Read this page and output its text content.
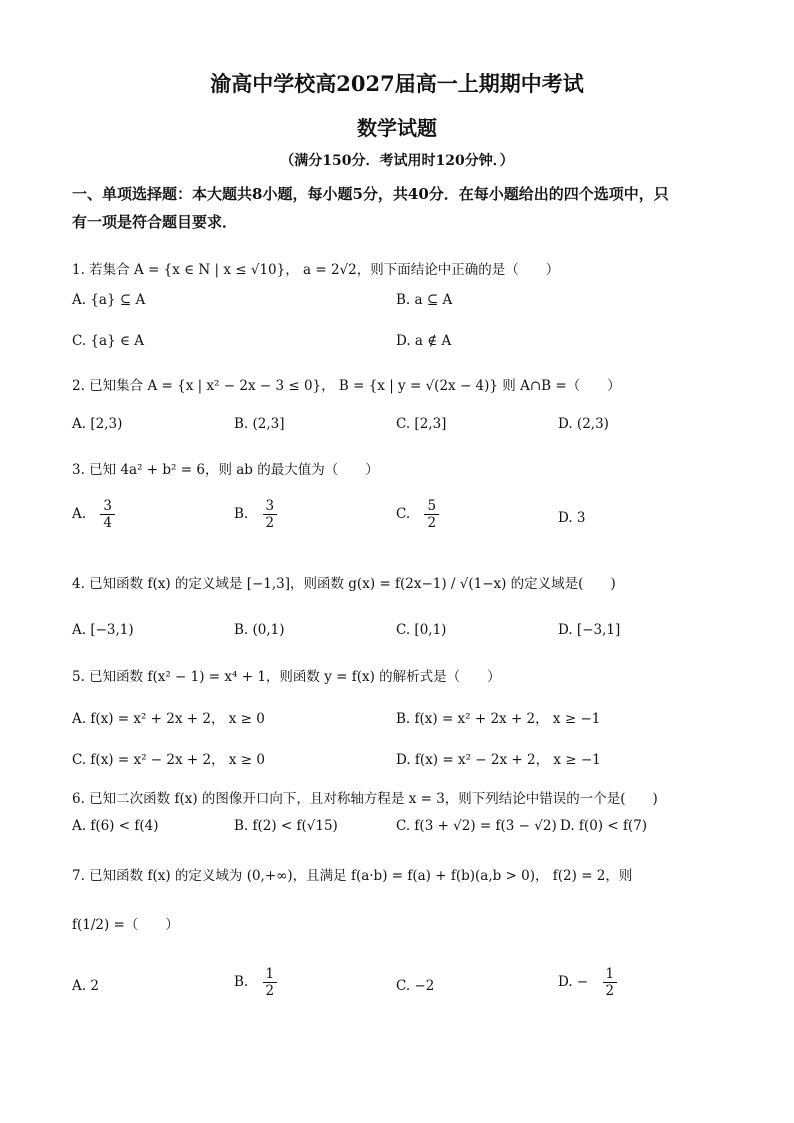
渝高中学校高2027届高一上期期中考试
数学试题
（满分150分．考试用时120分钟．）
一、单项选择题：本大题共8小题，每小题5分，共40分．在每小题给出的四个选项中，只
有一项是符合题目要求．
1. 若集合 A = {x ∈ N | x ≤ √10}， a = 2√2，则下面结论中正确的是（　　）
A. {a} ⊆ A	B. a ⊆ A
C. {a} ∈ A	D. a ∉ A
2. 已知集合 A = {x | x² − 2x − 3 ≤ 0}， B = {x | y = √(2x − 4)} 则 A∩B =（　　）
A. [2,3)	B. (2,3]	C. [2,3]	D. (2,3)
3. 已知 4a² + b² = 6，则 ab 的最大值为（　　）
A. $\frac{3}{4}$	B. $\frac{3}{2}$	C. $\frac{5}{2}$	D. 3
4. 已知函数 f(x) 的定义域是 [−1,3]，则函数 g(x) = f(2x−1) / √(1−x) 的定义域是(　　)
A. [−3,1)	B. (0,1)	C. [0,1)	D. [−3,1]
5. 已知函数 f(x² − 1) = x⁴ + 1，则函数 y = f(x) 的解析式是（　　）
A. f(x) = x² + 2x + 2， x ≥ 0	B. f(x) = x² + 2x + 2， x ≥ −1
C. f(x) = x² − 2x + 2， x ≥ 0	D. f(x) = x² − 2x + 2， x ≥ −1
6. 已知二次函数 f(x) 的图像开口向下，且对称轴方程是 x = 3，则下列结论中错误的一个是(　　)
A. f(6) < f(4)	B. f(2) < f(√15)	C. f(3 + √2) = f(3 − √2) D. f(0) < f(7)
7. 已知函数 f(x) 的定义域为 (0,+∞)，且满足 f(a·b) = f(a) + f(b)(a,b > 0)， f(2) = 2，则
f(1/2) =（　　）
A. 2	B. $\frac{1}{2}$	C. −2	D. − $\frac{1}{2}$
